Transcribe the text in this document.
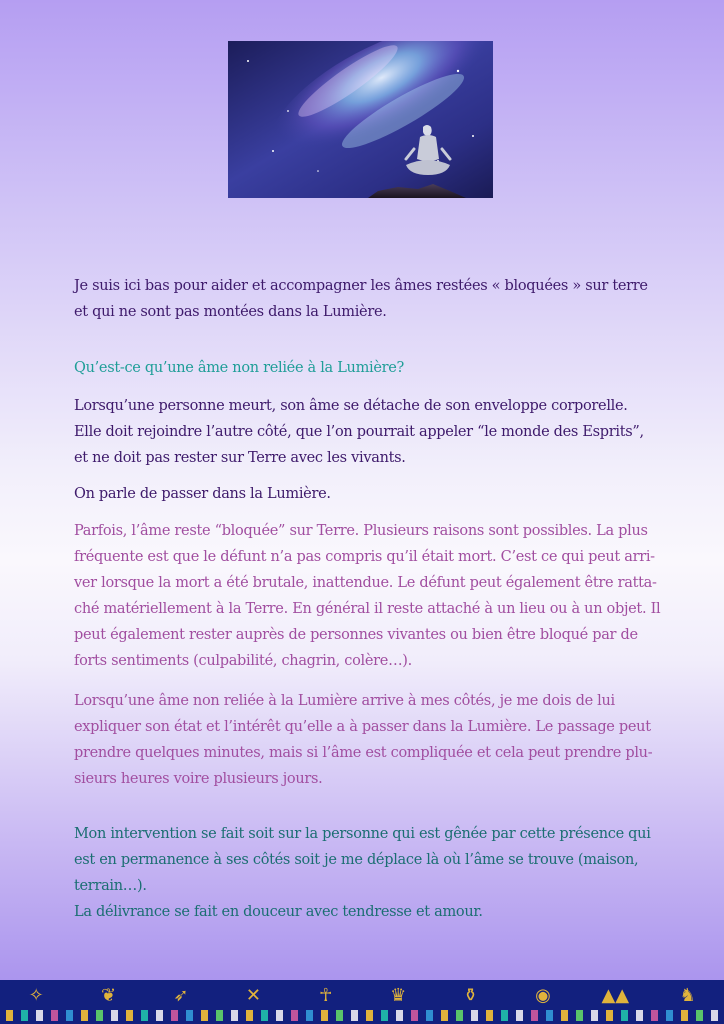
Je suis ici bas pour aider et accompagner les âmes restées « bloquées » sur terre
et qui ne sont pas montées dans la Lumière.
Qu’est-ce qu’une âme non reliée à la Lumière?
Lorsqu’une personne meurt, son âme se détache de son enveloppe corporelle.
Elle doit rejoindre l’autre côté, que l’on pourrait appeler “le monde des Esprits”,
et ne doit pas rester sur Terre avec les vivants.
On parle de passer dans la Lumière.
Parfois, l’âme reste “bloquée” sur Terre. Plusieurs raisons sont possibles. La plus
fréquente est que le défunt n’a pas compris qu’il était mort. C’est ce qui peut arri-
ver lorsque la mort a été brutale, inattendue. Le défunt peut également être ratta-
ché matériellement à la Terre. En général il reste attaché à un lieu ou à un objet. Il
peut également rester auprès de personnes vivantes ou bien être bloqué par de
forts sentiments (culpabilité, chagrin, colère…).
Lorsqu’une âme non reliée à la Lumière arrive à mes côtés, je me dois de lui
expliquer son état et l’intérêt qu’elle a à passer dans la Lumière. Le passage peut
prendre quelques minutes, mais si l’âme est compliquée et cela peut prendre plu-
sieurs heures voire plusieurs jours.
Mon intervention se fait soit sur la personne qui est gênée par cette présence qui
est en permanence à ses côtés soit je me déplace là où l’âme se trouve (maison,
terrain…).
La délivrance se fait en douceur avec tendresse et amour.
✧	❦	➶	✕	☥	♛	⚱	◉	▲▲	♞
